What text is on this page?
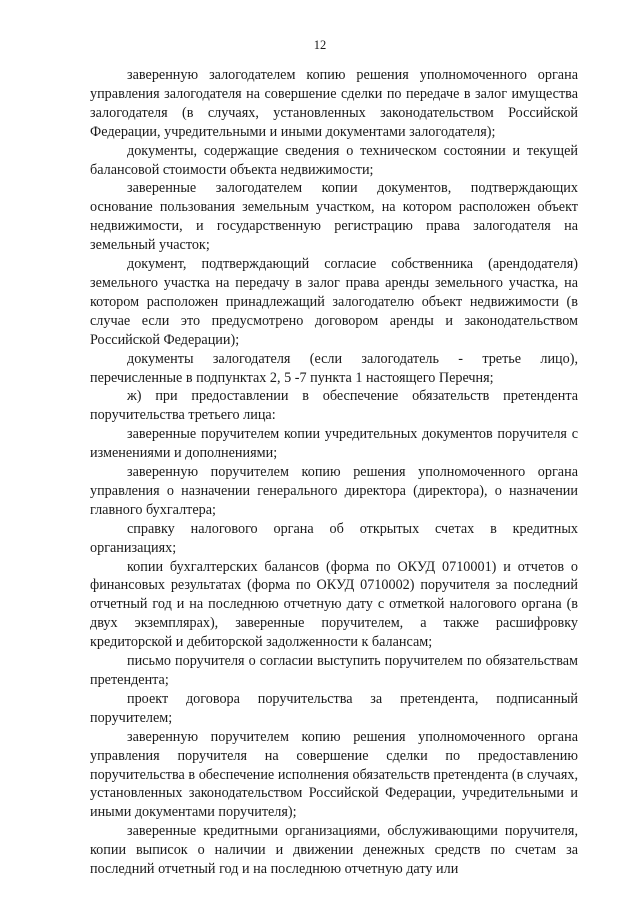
12

заверенную залогодателем копию решения уполномоченного органа управления залогодателя на совершение сделки по передаче в залог имущества залогодателя (в случаях, установленных законодательством Российской Федерации, учредительными и иными документами залогодателя);

документы, содержащие сведения о техническом состоянии и текущей балансовой стоимости объекта недвижимости;

заверенные залогодателем копии документов, подтверждающих основание пользования земельным участком, на котором расположен объект недвижимости, и государственную регистрацию права залогодателя на земельный участок;

документ, подтверждающий согласие собственника (арендодателя) земельного участка на передачу в залог права аренды земельного участка, на котором расположен принадлежащий залогодателю объект недвижимости (в случае если это предусмотрено договором аренды и законодательством Российской Федерации);

документы залогодателя (если залогодатель - третье лицо), перечисленные в подпунктах 2, 5 -7 пункта 1 настоящего Перечня;

ж) при предоставлении в обеспечение обязательств претендента поручительства третьего лица:

заверенные поручителем копии учредительных документов поручителя с изменениями и дополнениями;

заверенную поручителем копию решения уполномоченного органа управления о назначении генерального директора (директора), о назначении главного бухгалтера;

справку налогового органа об открытых счетах в кредитных организациях;

копии бухгалтерских балансов (форма по ОКУД 0710001) и отчетов о финансовых результатах (форма по ОКУД 0710002) поручителя за последний отчетный год и на последнюю отчетную дату с отметкой налогового органа (в двух экземплярах), заверенные поручителем, а также расшифровку кредиторской и дебиторской задолженности к балансам;

письмо поручителя о согласии выступить поручителем по обязательствам претендента;

проект договора поручительства за претендента, подписанный поручителем;

заверенную поручителем копию решения уполномоченного органа управления поручителя на совершение сделки по предоставлению поручительства в обеспечение исполнения обязательств претендента (в случаях, установленных законодательством Российской Федерации, учредительными и иными документами поручителя);

заверенные кредитными организациями, обслуживающими поручителя, копии выписок о наличии и движении денежных средств по счетам за последний отчетный год и на последнюю отчетную дату или
